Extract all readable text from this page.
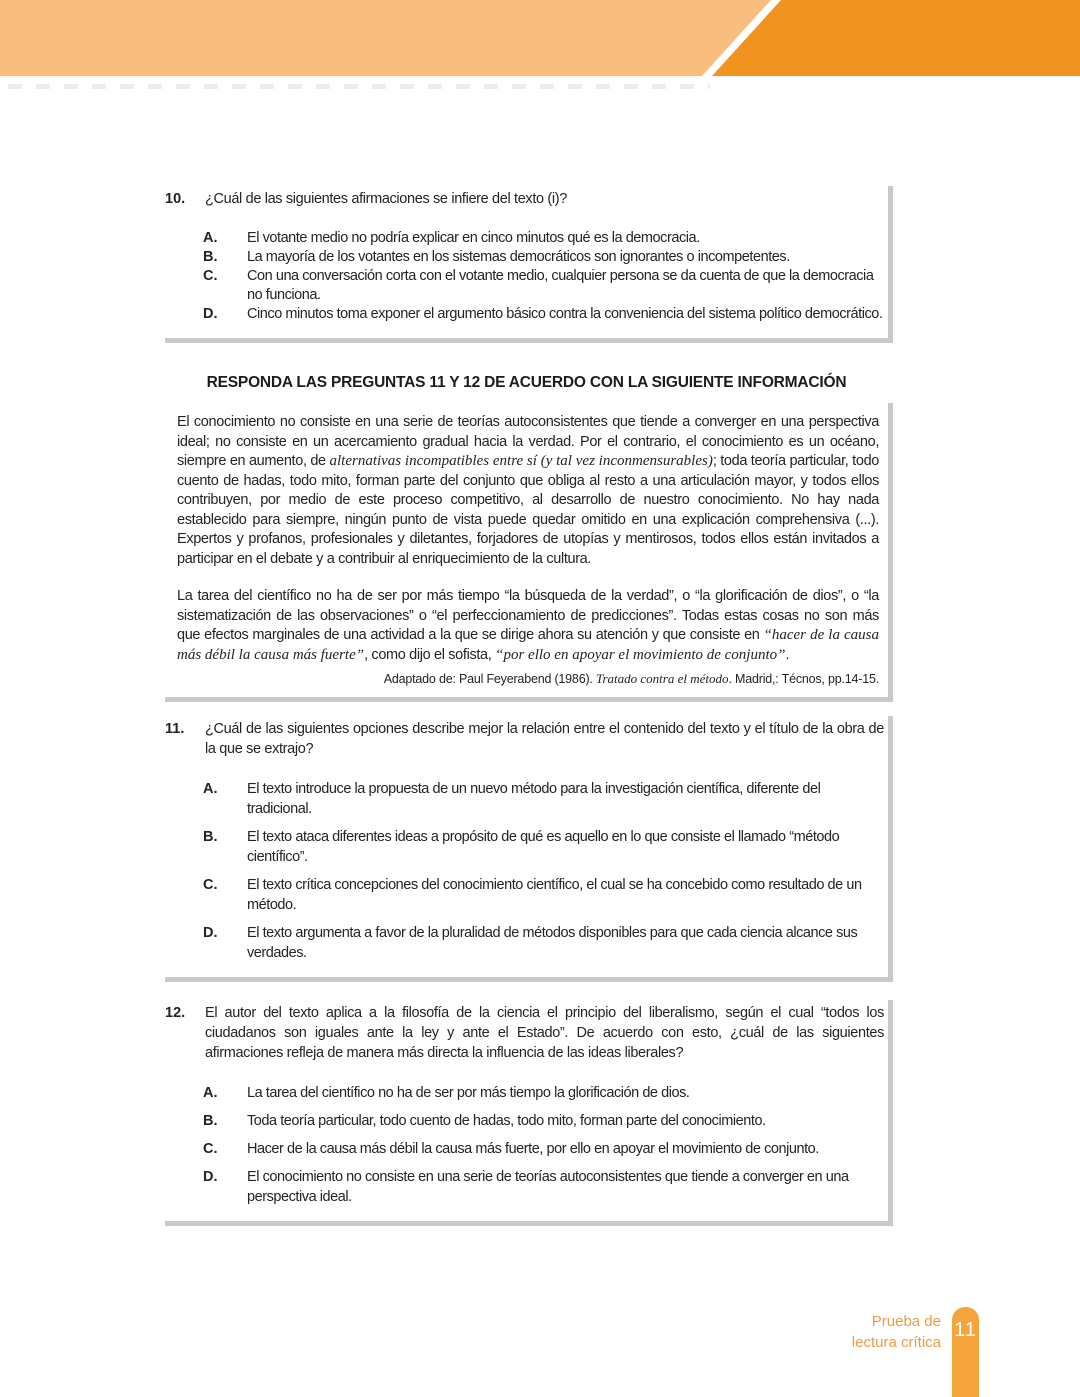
10.	¿Cuál de las siguientes afirmaciones se infiere del texto (i)?
A.	El votante medio no podría explicar en cinco minutos qué es la democracia.
B.	La mayoría de los votantes en los sistemas democráticos son ignorantes o incompetentes.
C.	Con una conversación corta con el votante medio, cualquier persona se da cuenta de que la democracia no funciona.
D.	Cinco minutos toma exponer el argumento básico contra la conveniencia del sistema político democrático.
RESPONDA LAS PREGUNTAS 11 Y 12 DE ACUERDO CON LA SIGUIENTE INFORMACIÓN

El conocimiento no consiste en una serie de teorías autoconsistentes que tiende a converger en una perspectiva ideal; no consiste en un acercamiento gradual hacia la verdad. Por el contrario, el conocimiento es un océano, siempre en aumento, de alternativas incompatibles entre sí (y tal vez inconmensurables); toda teoría particular, todo cuento de hadas, todo mito, forman parte del conjunto que obliga al resto a una articulación mayor, y todos ellos contribuyen, por medio de este proceso competitivo, al desarrollo de nuestro conocimiento. No hay nada establecido para siempre, ningún punto de vista puede quedar omitido en una explicación comprehensiva (...). Expertos y profanos, profesionales y diletantes, forjadores de utopías y mentirosos, todos ellos están invitados a participar en el debate y a contribuir al enriquecimiento de la cultura.

La tarea del científico no ha de ser por más tiempo “la búsqueda de la verdad”, o “la glorificación de dios”, o “la sistematización de las observaciones” o “el perfeccionamiento de predicciones”. Todas estas cosas no son más que efectos marginales de una actividad a la que se dirige ahora su atención y que consiste en “hacer de la causa más débil la causa más fuerte”, como dijo el sofista, “por ello en apoyar el movimiento de conjunto”.

Adaptado de: Paul Feyerabend (1986). Tratado contra el método. Madrid,: Técnos, pp.14-15.
11.	¿Cuál de las siguientes opciones describe mejor la relación entre el contenido del texto y el título de la obra de la que se extrajo?
A.	El texto introduce la propuesta de un nuevo método para la investigación científica, diferente del tradicional.
B.	El texto ataca diferentes ideas a propósito de qué es aquello en lo que consiste el llamado “método científico”.
C.	El texto crítica concepciones del conocimiento científico, el cual se ha concebido como resultado de un método.
D.	El texto argumenta a favor de la pluralidad de métodos disponibles para que cada ciencia alcance sus verdades.
12.	El autor del texto aplica a la filosofía de la ciencia el principio del liberalismo, según el cual “todos los ciudadanos son iguales ante la ley y ante el Estado”. De acuerdo con esto, ¿cuál de las siguientes afirmaciones refleja de manera más directa la influencia de las ideas liberales?
A.	La tarea del científico no ha de ser por más tiempo la glorificación de dios.
B.	Toda teoría particular, todo cuento de hadas, todo mito, forman parte del conocimiento.
C.	Hacer de la causa más débil la causa más fuerte, por ello en apoyar el movimiento de conjunto.
D.	El conocimiento no consiste en una serie de teorías autoconsistentes que tiende a converger en una perspectiva ideal.
Prueba de
lectura crítica
11
